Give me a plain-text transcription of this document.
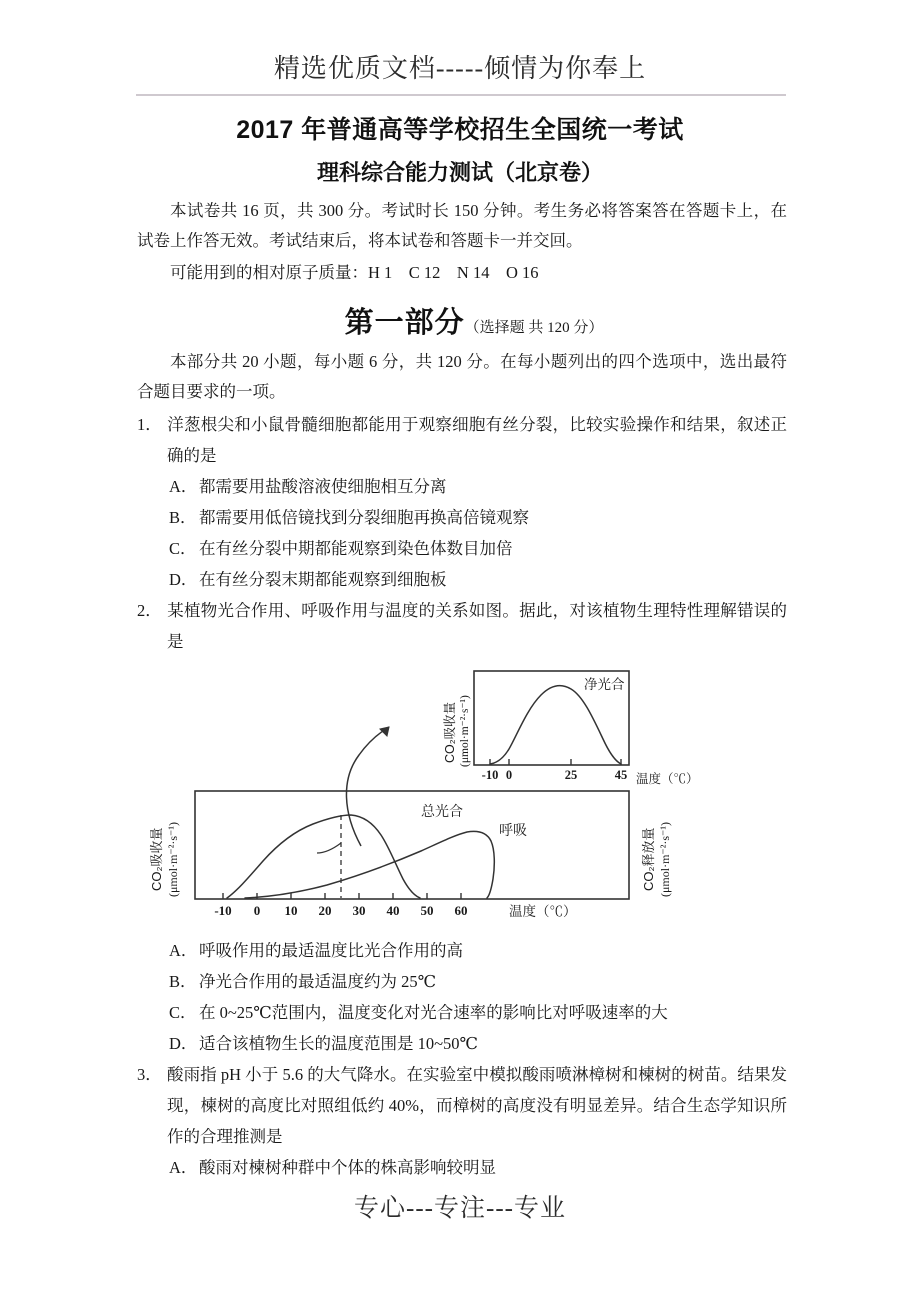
精选优质文档-----倾情为你奉上
2017 年普通高等学校招生全国统一考试
理科综合能力测试（北京卷）

本试卷共 16 页，共 300 分。考试时长 150 分钟。考生务必将答案答在答题卡上，在试卷上作答无效。考试结束后，将本试卷和答题卡一并交回。

可能用到的相对原子质量：H 1　C 12　N 14　O 16

第一部分（选择题 共 120 分）

本部分共 20 小题，每小题 6 分，共 120 分。在每小题列出的四个选项中，选出最符合题目要求的一项。

1． 洋葱根尖和小鼠骨髓细胞都能用于观察细胞有丝分裂，比较实验操作和结果，叙述正确的是

A．都需要用盐酸溶液使细胞相互分离

B． 都需要用低倍镜找到分裂细胞再换高倍镜观察

C． 在有丝分裂中期都能观察到染色体数目加倍

D．在有丝分裂末期都能观察到细胞板

2． 某植物光合作用、呼吸作用与温度的关系如图。据此，对该植物生理特性理解错误的是

-10 0	25	45 温度（℃）
净光合
CO₂吸收量 (μmol·m⁻²·s⁻¹)
-10 0 10 20 30 40 50 60	温度（℃）
总光合
呼吸
CO₂吸收量 (μmol·m⁻²·s⁻¹)	CO₂释放量 (μmol·m⁻²·s⁻¹)

A．呼吸作用的最适温度比光合作用的高

B． 净光合作用的最适温度约为 25℃

C． 在 0~25℃范围内，温度变化对光合速率的影响比对呼吸速率的大

D．适合该植物生长的温度范围是 10~50℃

3． 酸雨指 pH 小于 5.6 的大气降水。在实验室中模拟酸雨喷淋樟树和楝树的树苗。结果发现，楝树的高度比对照组低约 40%，而樟树的高度没有明显差异。结合生态学知识所作的合理推测是

A．酸雨对楝树种群中个体的株高影响较明显

专心---专注---专业
